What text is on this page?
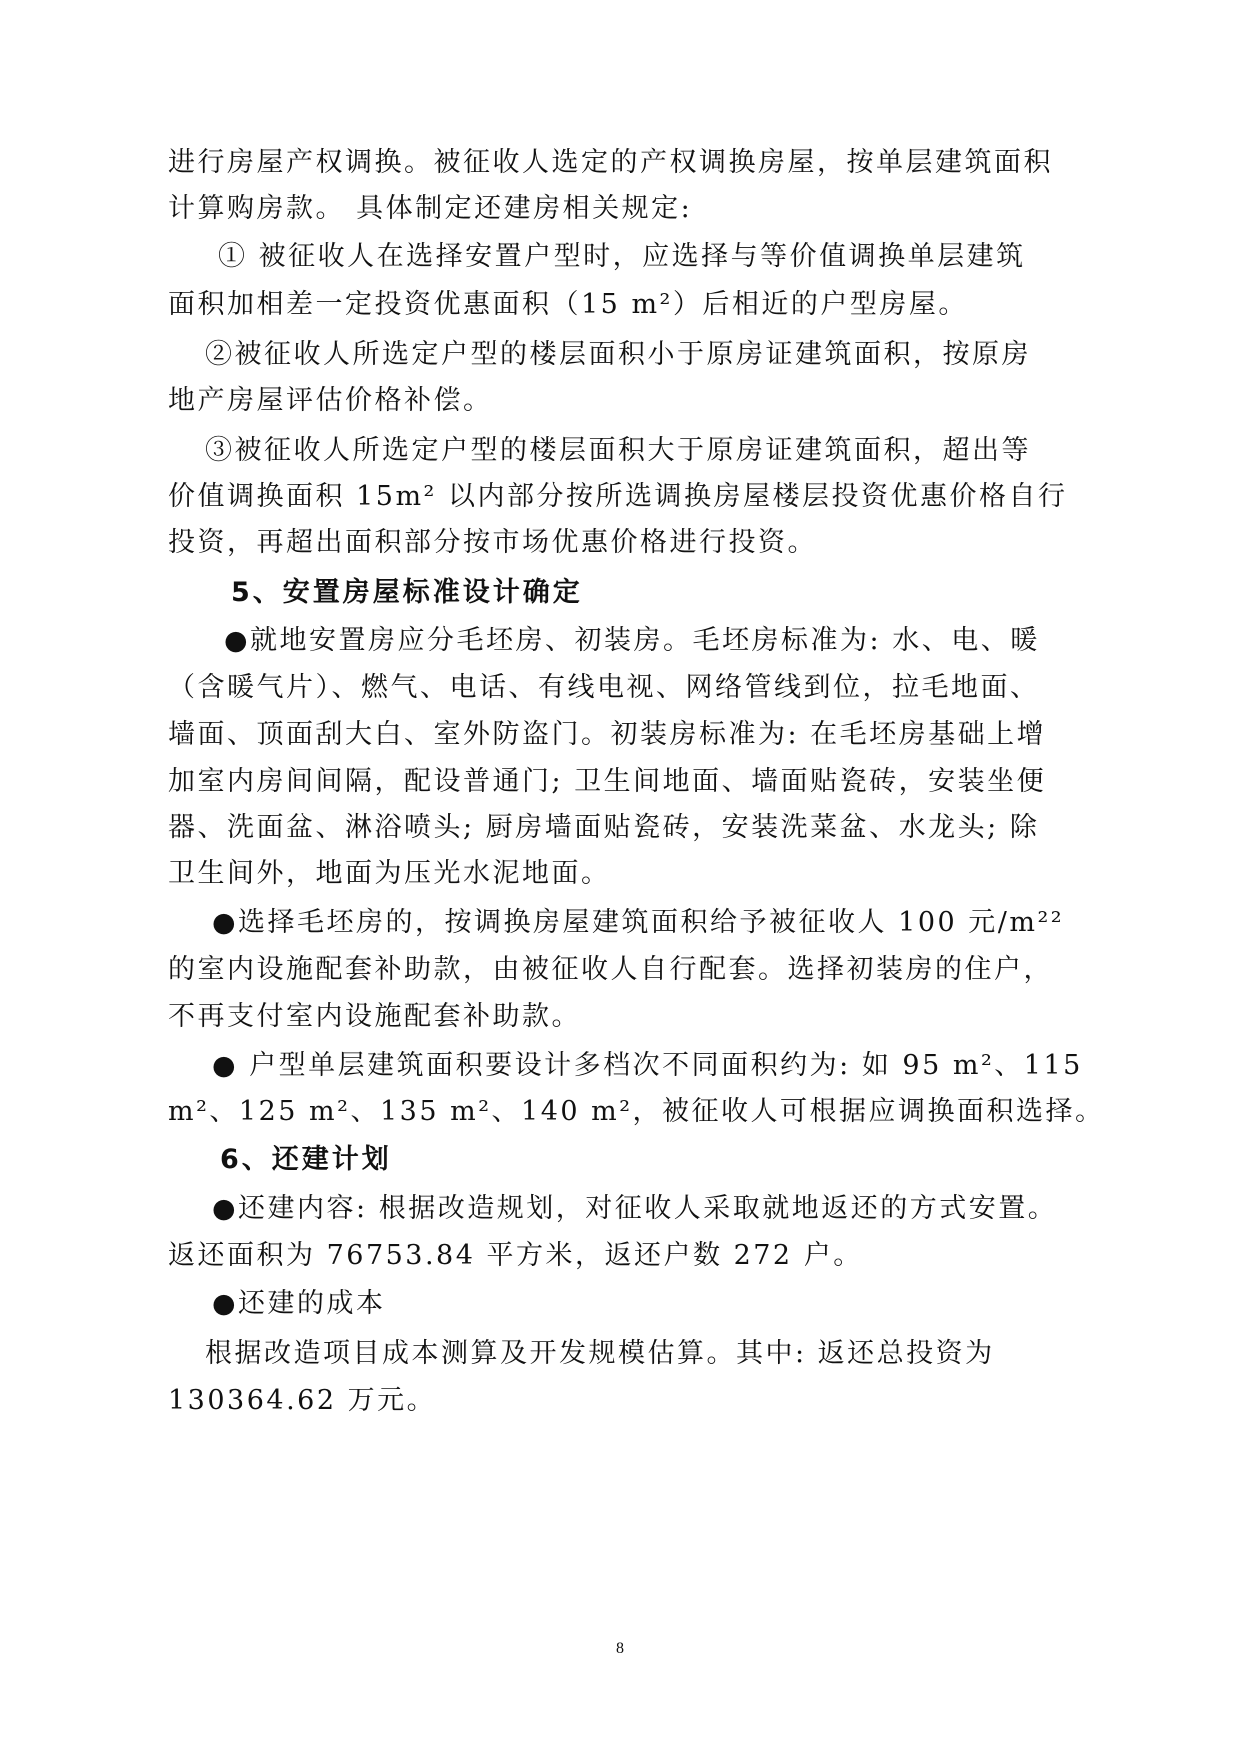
进行房屋产权调换。被征收人选定的产权调换房屋，按单层建筑面积
计算购房款。 具体制定还建房相关规定:
① 被征收人在选择安置户型时，应选择与等价值调换单层建筑
面积加相差一定投资优惠面积（15 m²）后相近的户型房屋。
②被征收人所选定户型的楼层面积小于原房证建筑面积，按原房
地产房屋评估价格补偿。
③被征收人所选定户型的楼层面积大于原房证建筑面积，超出等
价值调换面积 15m² 以内部分按所选调换房屋楼层投资优惠价格自行
投资，再超出面积部分按市场优惠价格进行投资。
5、安置房屋标准设计确定
●就地安置房应分毛坯房、初装房。毛坯房标准为: 水、电、暖
（含暖气片）、燃气、电话、有线电视、网络管线到位，拉毛地面、
墙面、顶面刮大白、室外防盗门。初装房标准为: 在毛坯房基础上增
加室内房间间隔，配设普通门; 卫生间地面、墙面贴瓷砖，安装坐便
器、洗面盆、淋浴喷头; 厨房墙面贴瓷砖，安装洗菜盆、水龙头; 除
卫生间外，地面为压光水泥地面。
●选择毛坯房的，按调换房屋建筑面积给予被征收人 100 元/m²²
的室内设施配套补助款，由被征收人自行配套。选择初装房的住户，
不再支付室内设施配套补助款。
● 户型单层建筑面积要设计多档次不同面积约为: 如 95 m²、115
m²、125 m²、135 m²、140 m²，被征收人可根据应调换面积选择。
6、还建计划
●还建内容: 根据改造规划，对征收人采取就地返还的方式安置。
返还面积为 76753.84 平方米，返还户数 272 户。
●还建的成本
根据改造项目成本测算及开发规模估算。其中: 返还总投资为
130364.62 万元。
8
